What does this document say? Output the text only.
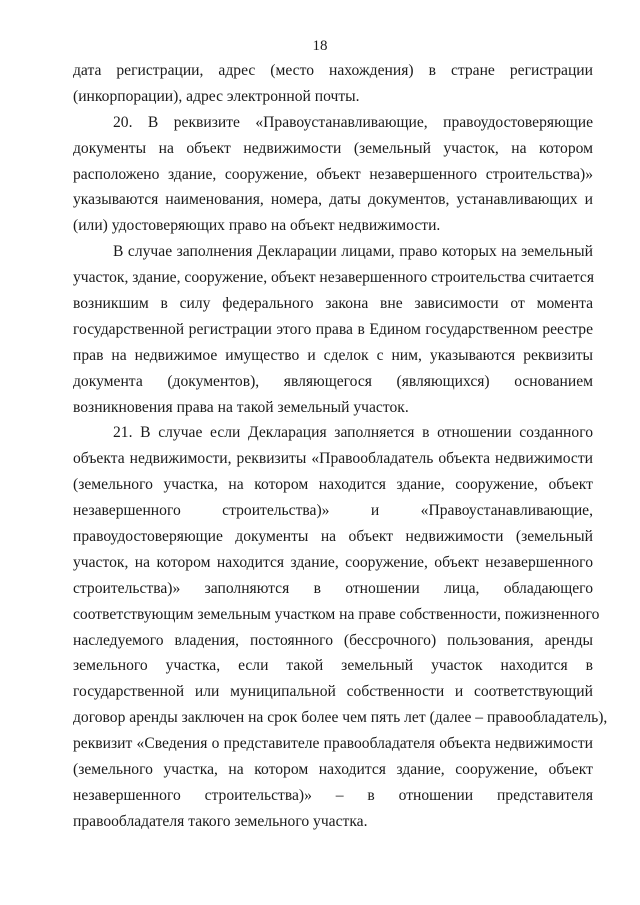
18
дата регистрации, адрес (место нахождения) в стране регистрации
(инкорпорации), адрес электронной почты.
20. В реквизите «Правоустанавливающие, правоудостоверяющие
документы на объект недвижимости (земельный участок, на котором
расположено здание, сооружение, объект незавершенного строительства)»
указываются наименования, номера, даты документов, устанавливающих и
(или) удостоверяющих право на объект недвижимости.
В случае заполнения Декларации лицами, право которых на земельный
участок, здание, сооружение, объект незавершенного строительства считается
возникшим в силу федерального закона вне зависимости от момента
государственной регистрации этого права в Едином государственном реестре
прав на недвижимое имущество и сделок с ним, указываются реквизиты
документа (документов), являющегося (являющихся) основанием
возникновения права на такой земельный участок.
21. В случае если Декларация заполняется в отношении созданного
объекта недвижимости, реквизиты «Правообладатель объекта недвижимости
(земельного участка, на котором находится здание, сооружение, объект
незавершенного строительства)» и «Правоустанавливающие,
правоудостоверяющие документы на объект недвижимости (земельный
участок, на котором находится здание, сооружение, объект незавершенного
строительства)» заполняются в отношении лица, обладающего
соответствующим земельным участком на праве собственности, пожизненного
наследуемого владения, постоянного (бессрочного) пользования, аренды
земельного участка, если такой земельный участок находится в
государственной или муниципальной собственности и соответствующий
договор аренды заключен на срок более чем пять лет (далее – правообладатель),
реквизит «Сведения о представителе правообладателя объекта недвижимости
(земельного участка, на котором находится здание, сооружение, объект
незавершенного строительства)» – в отношении представителя
правообладателя такого земельного участка.
